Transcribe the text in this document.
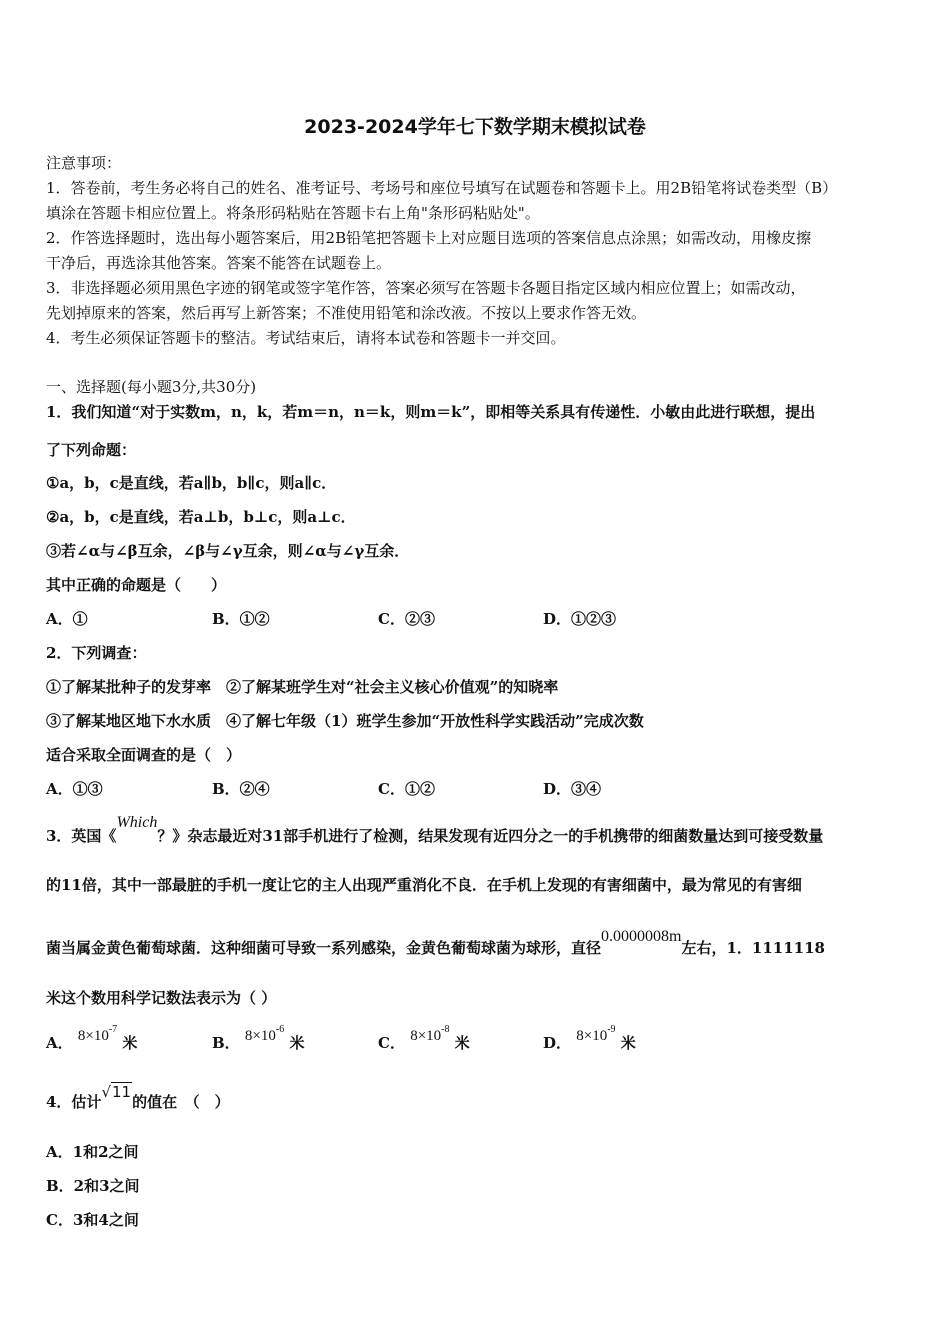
2023-2024学年七下数学期末模拟试卷
注意事项：
1．答卷前，考生务必将自己的姓名、准考证号、考场号和座位号填写在试题卷和答题卡上。用2B铅笔将试卷类型（B）
填涂在答题卡相应位置上。将条形码粘贴在答题卡右上角"条形码粘贴处"。
2．作答选择题时，选出每小题答案后，用2B铅笔把答题卡上对应题目选项的答案信息点涂黑；如需改动，用橡皮擦
干净后，再选涂其他答案。答案不能答在试题卷上。
3．非选择题必须用黑色字迹的钢笔或签字笔作答，答案必须写在答题卡各题目指定区域内相应位置上；如需改动，
先划掉原来的答案，然后再写上新答案；不准使用铅笔和涂改液。不按以上要求作答无效。
4．考生必须保证答题卡的整洁。考试结束后，请将本试卷和答题卡一并交回。
一、选择题(每小题3分,共30分)
1．我们知道“对于实数m，n，k，若m＝n，n＝k，则m＝k”，即相等关系具有传递性．小敏由此进行联想，提出
了下列命题：
①a，b，c是直线，若a∥b，b∥c，则a∥c．
②a，b，c是直线，若a⊥b，b⊥c，则a⊥c．
③若∠α与∠β互余，∠β与∠γ互余，则∠α与∠γ互余．
其中正确的命题是（　　）
A．①	B．①②	C．②③	D．①②③
2．下列调查：
①了解某批种子的发芽率　②了解某班学生对“社会主义核心价值观”的知晓率
③了解某地区地下水水质　④了解七年级（1）班学生参加“开放性科学实践活动”完成次数
适合采取全面调查的是（　）
A．①③	B．②④	C．①②	D．③④
3．英国《Which？》杂志最近对31部手机进行了检测，结果发现有近四分之一的手机携带的细菌数量达到可接受数量
的11倍，其中一部最脏的手机一度让它的主人出现严重消化不良．在手机上发现的有害细菌中，最为常见的有害细
菌当属金黄色葡萄球菌．这种细菌可导致一系列感染，金黄色葡萄球菌为球形，直径0.0000008m左右，1．1111118
米这个数用科学记数法表示为（ ）
A． $8\times 10^{-7}$ 米	B． $8\times 10^{-6}$ 米	C． $8\times 10^{-8}$ 米	D． $8\times 10^{-9}$ 米
4．估计√11的值在　（　）
A．1和2之间
B．2和3之间
C．3和4之间
